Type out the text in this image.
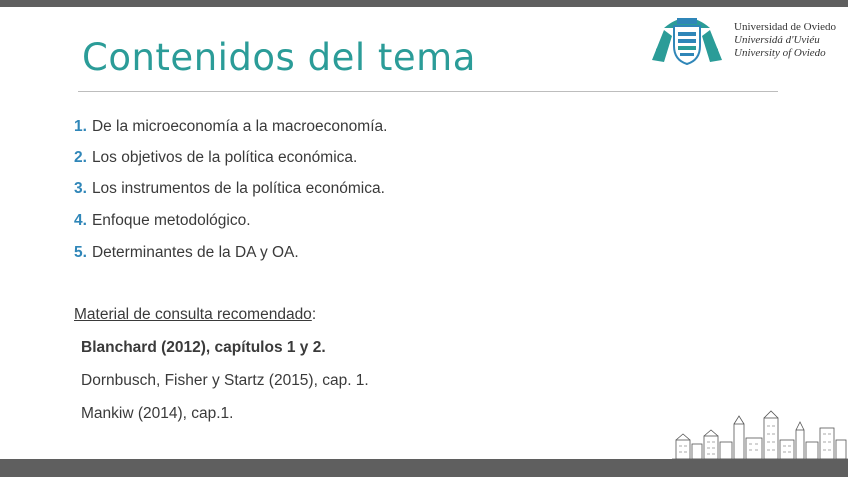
Contenidos del tema
Universidad de Oviedo
Universidá d'Uviéu
University of Oviedo
1. De la microeconomía a la macroeconomía.
2. Los objetivos de la política económica.
3. Los instrumentos de la política económica.
4. Enfoque metodológico.
5. Determinantes de la DA y OA.
Material de consulta recomendado:
Blanchard (2012), capítulos 1 y 2.
Dornbusch, Fisher y Startz (2015), cap. 1.
Mankiw (2014), cap.1.
